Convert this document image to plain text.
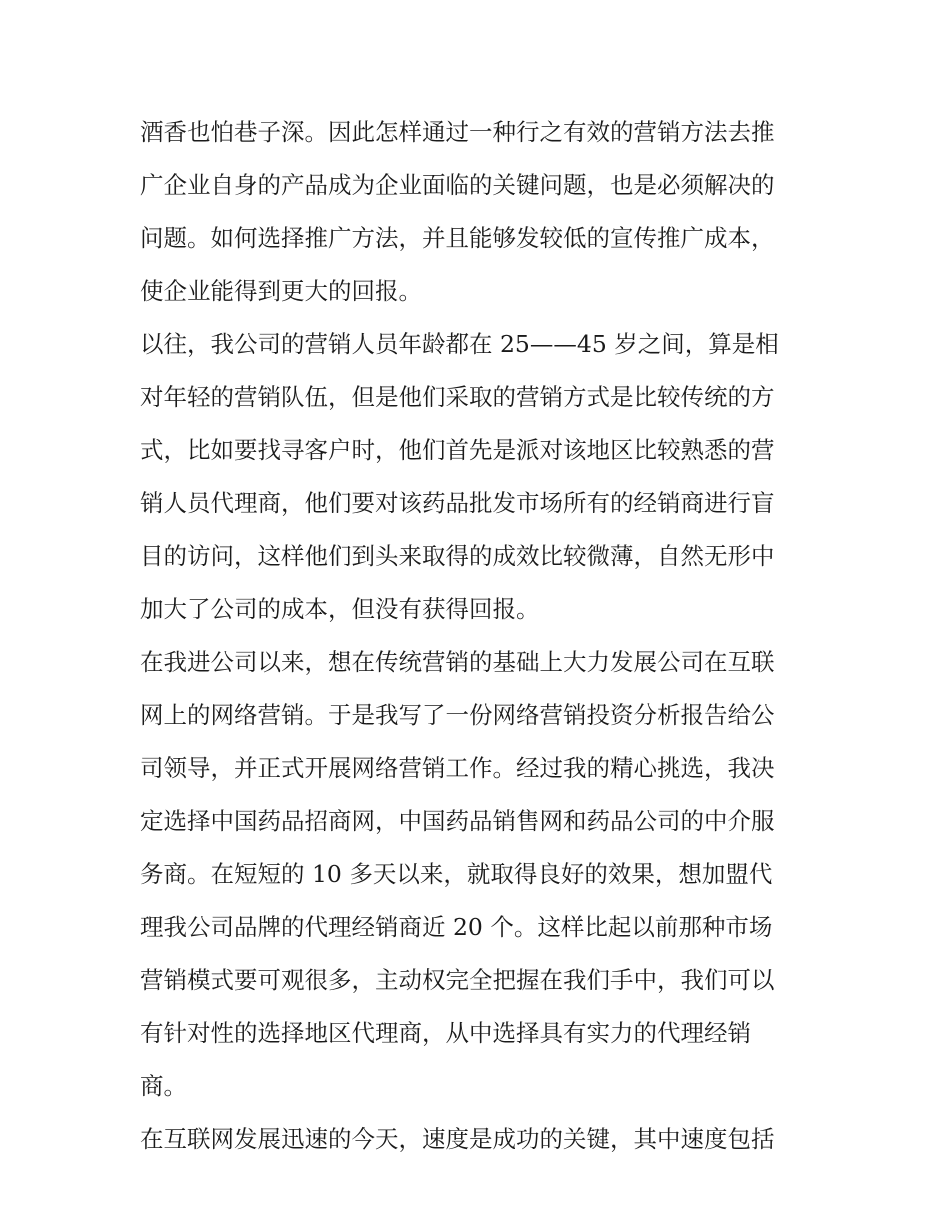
酒香也怕巷子深。因此怎样通过一种行之有效的营销方法去推
广企业自身的产品成为企业面临的关键问题，也是必须解决的
问题。如何选择推广方法，并且能够发较低的宣传推广成本，
使企业能得到更大的回报。
以往，我公司的营销人员年龄都在 25——45 岁之间，算是相
对年轻的营销队伍，但是他们采取的营销方式是比较传统的方
式，比如要找寻客户时，他们首先是派对该地区比较熟悉的营
销人员代理商，他们要对该药品批发市场所有的经销商进行盲
目的访问，这样他们到头来取得的成效比较微薄，自然无形中
加大了公司的成本，但没有获得回报。
在我进公司以来，想在传统营销的基础上大力发展公司在互联
网上的网络营销。于是我写了一份网络营销投资分析报告给公
司领导，并正式开展网络营销工作。经过我的精心挑选，我决
定选择中国药品招商网，中国药品销售网和药品公司的中介服
务商。在短短的 10 多天以来，就取得良好的效果，想加盟代
理我公司品牌的代理经销商近 20 个。这样比起以前那种市场
营销模式要可观很多，主动权完全把握在我们手中，我们可以
有针对性的选择地区代理商，从中选择具有实力的代理经销
商。
在互联网发展迅速的今天，速度是成功的关键，其中速度包括
